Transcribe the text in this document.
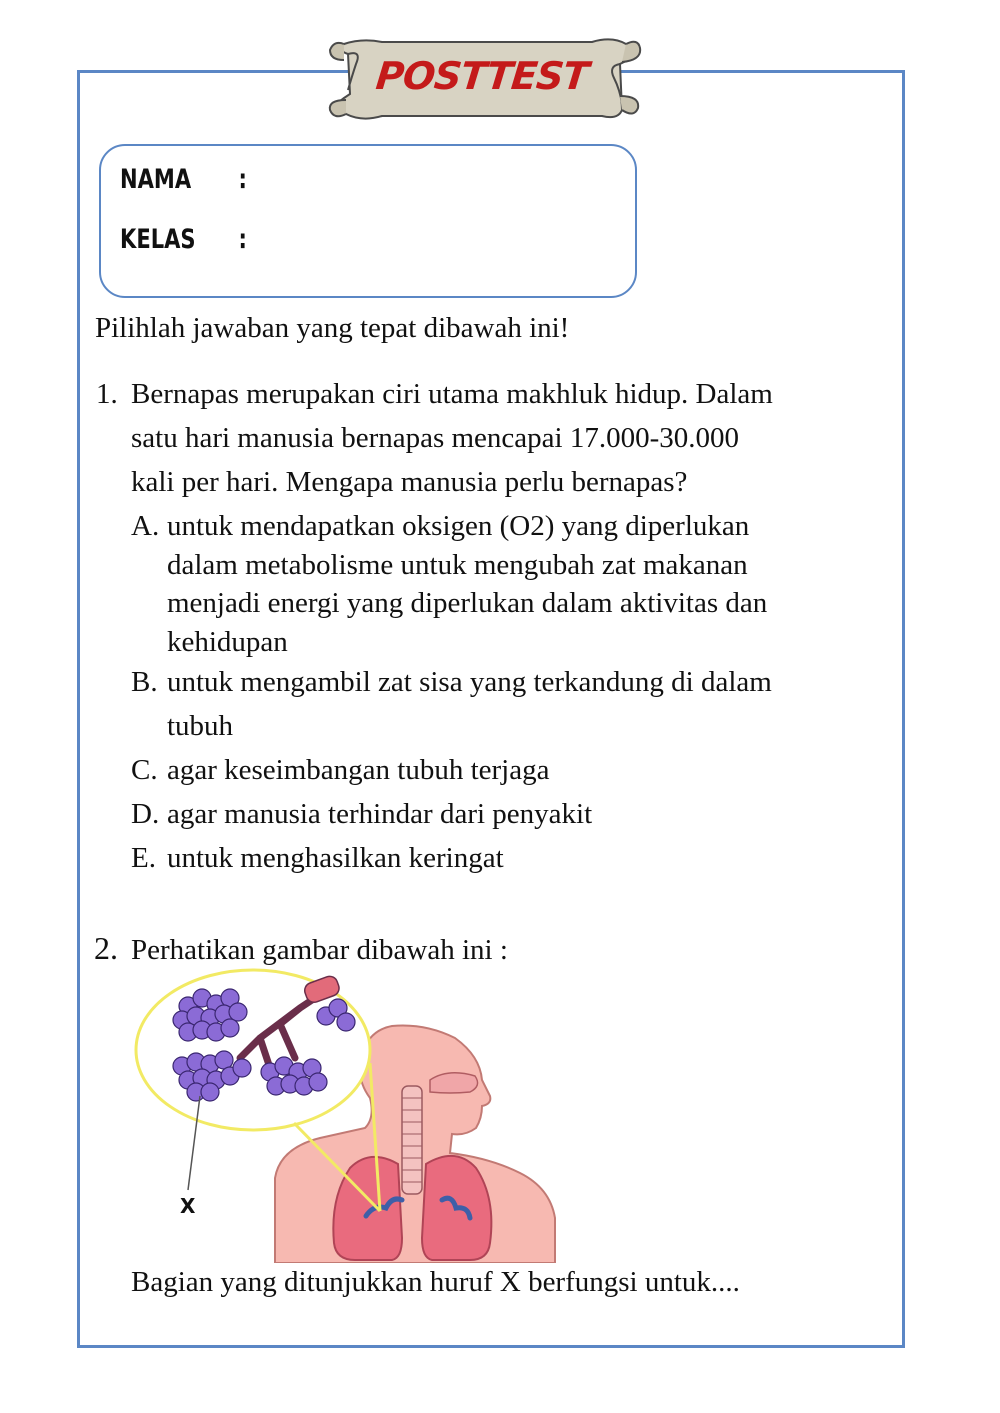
POSTTEST
NAMA :
KELAS :
Pilihlah jawaban yang tepat dibawah ini!
1. Bernapas merupakan ciri utama makhluk hidup. Dalam
satu hari manusia bernapas mencapai 17.000-30.000
kali per hari. Mengapa manusia perlu bernapas?
A. untuk mendapatkan oksigen (O2) yang diperlukan
dalam metabolisme untuk mengubah zat makanan
menjadi energi yang diperlukan dalam aktivitas dan
kehidupan
B. untuk mengambil zat sisa yang terkandung di dalam
tubuh
C. agar keseimbangan tubuh terjaga
D. agar manusia terhindar dari penyakit
E. untuk menghasilkan keringat
2. Perhatikan gambar dibawah ini :
X
Bagian yang ditunjukkan huruf X berfungsi untuk....
